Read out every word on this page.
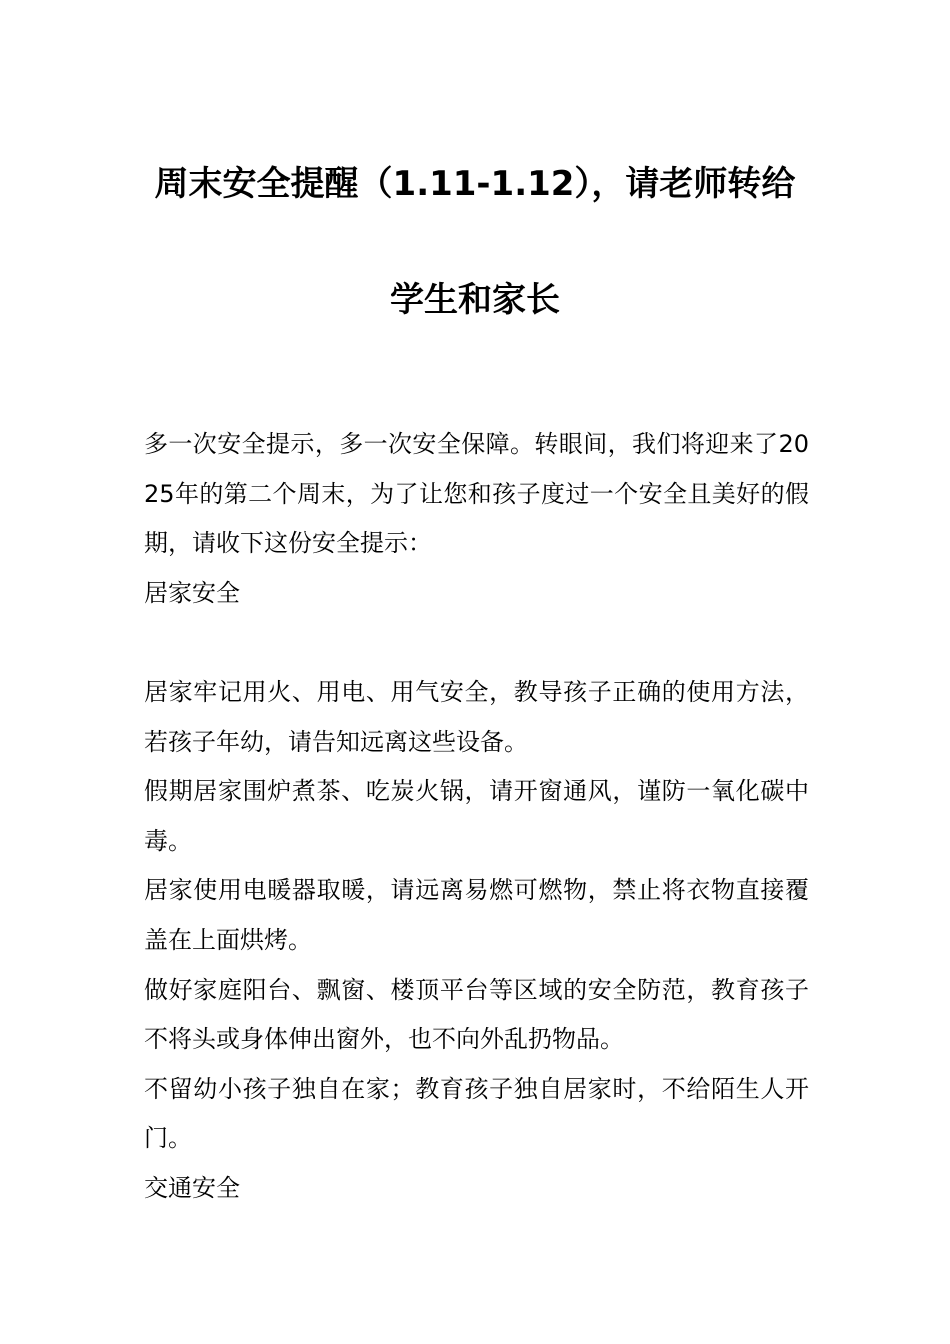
周末安全提醒（1.11-1.12），请老师转给
学生和家长

多一次安全提示，多一次安全保障。转眼间，我们将迎来了2025年的第二个周末，为了让您和孩子度过一个安全且美好的假期，请收下这份安全提示：

居家安全

居家牢记用火、用电、用气安全，教导孩子正确的使用方法，若孩子年幼，请告知远离这些设备。

假期居家围炉煮茶、吃炭火锅，请开窗通风，谨防一氧化碳中毒。

居家使用电暖器取暖，请远离易燃可燃物，禁止将衣物直接覆盖在上面烘烤。

做好家庭阳台、飘窗、楼顶平台等区域的安全防范，教育孩子不将头或身体伸出窗外，也不向外乱扔物品。

不留幼小孩子独自在家；教育孩子独自居家时，不给陌生人开门。

交通安全
